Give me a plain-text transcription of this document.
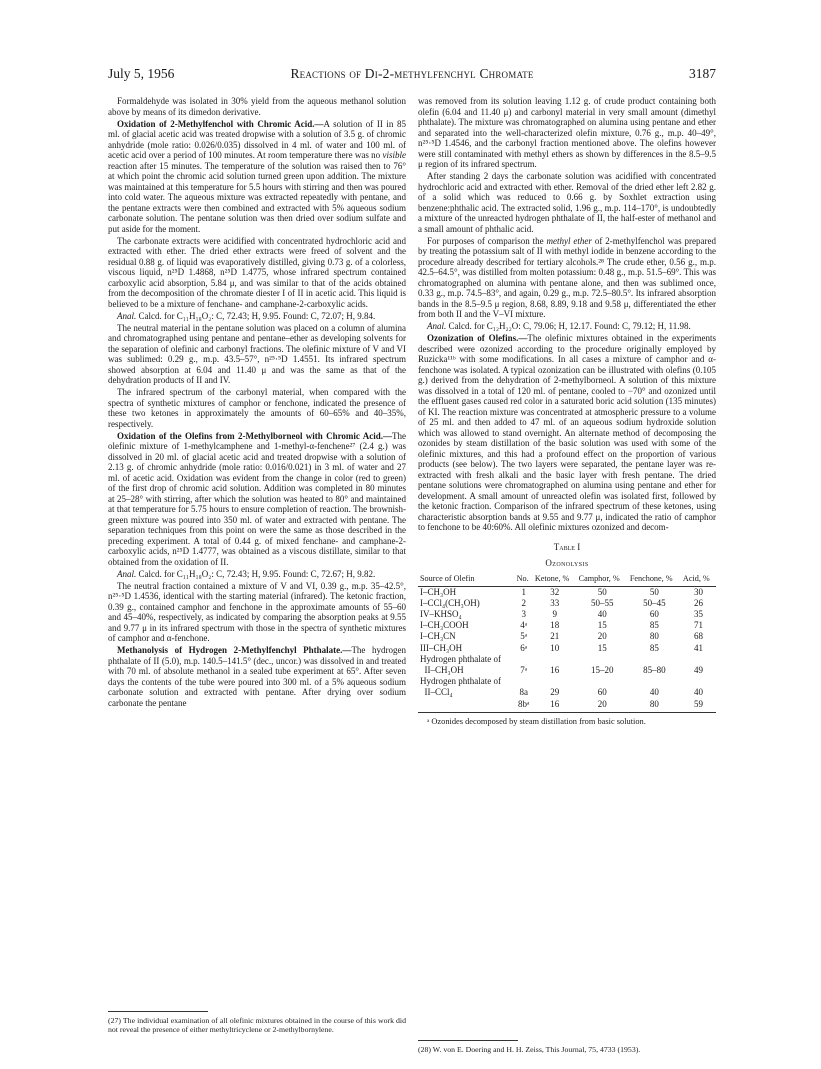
July 5, 1956	Reactions of Di-2-methylfenchyl Chromate	3187

Formaldehyde was isolated in 30% yield from the aqueous methanol solution above by means of its dimedon derivative.

Oxidation of 2-Methylfenchol with Chromic Acid.—A solution of II in 85 ml. of glacial acetic acid was treated dropwise with a solution of 3.5 g. of chromic anhydride (mole ratio: 0.026/0.035) dissolved in 4 ml. of water and 100 ml. of acetic acid over a period of 100 minutes. At room temperature there was no visible reaction after 15 minutes. The temperature of the solution was raised then to 76° at which point the chromic acid solution turned green upon addition. The mixture was maintained at this temperature for 5.5 hours with stirring and then was poured into cold water. The aqueous mixture was extracted repeatedly with pentane, and the pentane extracts were then combined and extracted with 5% aqueous sodium carbonate solution. The pentane solution was then dried over sodium sulfate and put aside for the moment.

The carbonate extracts were acidified with concentrated hydrochloric acid and extracted with ether. The dried ether extracts were freed of solvent and the residual 0.88 g. of liquid was evaporatively distilled, giving 0.73 g. of a colorless, viscous liquid, n²⁵D 1.4868, n²⁵D 1.4775, whose infrared spectrum contained carboxylic acid absorption, 5.84 μ, and was similar to that of the acids obtained from the decomposition of the chromate diester I of II in acetic acid. This liquid is believed to be a mixture of fenchane- and camphane-2-carboxylic acids.

Anal. Calcd. for C₁₁H₁₈O₂: C, 72.43; H, 9.95. Found: C, 72.07; H, 9.84.

The neutral material in the pentane solution was placed on a column of alumina and chromatographed using pentane and pentane–ether as developing solvents for the separation of olefinic and carbonyl fractions. The olefinic mixture of V and VI was sublimed: 0.29 g., m.p. 43.5–57°, n²⁵·⁵D 1.4551. Its infrared spectrum showed absorption at 6.04 and 11.40 μ and was the same as that of the dehydration products of II and IV.

The infrared spectrum of the carbonyl material, when compared with the spectra of synthetic mixtures of camphor or fenchone, indicated the presence of these two ketones in approximately the amounts of 60–65% and 40–35%, respectively.

Oxidation of the Olefins from 2-Methylborneol with Chromic Acid.—The olefinic mixture of 1-methylcamphene and 1-methyl-α-fenchene²⁷ (2.4 g.) was dissolved in 20 ml. of glacial acetic acid and treated dropwise with a solution of 2.13 g. of chromic anhydride (mole ratio: 0.016/0.021) in 3 ml. of water and 27 ml. of acetic acid. Oxidation was evident from the change in color (red to green) of the first drop of chromic acid solution. Addition was completed in 80 minutes at 25–28° with stirring, after which the solution was heated to 80° and maintained at that temperature for 5.75 hours to ensure completion of reaction. The brownish-green mixture was poured into 350 ml. of water and extracted with pentane. The separation techniques from this point on were the same as those described in the preceding experiment. A total of 0.44 g. of mixed fenchane- and camphane-2-carboxylic acids, n²⁵D 1.4777, was obtained as a viscous distillate, similar to that obtained from the oxidation of II.

Anal. Calcd. for C₁₁H₁₈O₂: C, 72.43; H, 9.95. Found: C, 72.67; H, 9.82.

The neutral fraction contained a mixture of V and VI, 0.39 g., m.p. 35–42.5°, n²⁵·⁵D 1.4536, identical with the starting material (infrared). The ketonic fraction, 0.39 g., contained camphor and fenchone in the approximate amounts of 55–60 and 45–40%, respectively, as indicated by comparing the absorption peaks at 9.55 and 9.77 μ in its infrared spectrum with those in the spectra of synthetic mixtures of camphor and α-fenchone.

Methanolysis of Hydrogen 2-Methylfenchyl Phthalate.—The hydrogen phthalate of II (5.0), m.p. 140.5–141.5° (dec., uncor.) was dissolved in and treated with 70 ml. of absolute methanol in a sealed tube experiment at 65°. After seven days the contents of the tube were poured into 300 ml. of a 5% aqueous sodium carbonate solution and extracted with pentane. After drying over sodium carbonate the pentane

(27) The individual examination of all olefinic mixtures obtained in the course of this work did not reveal the presence of either methyltricyclene or 2-methylbornylene.

was removed from its solution leaving 1.12 g. of crude product containing both olefin (6.04 and 11.40 μ) and carbonyl material in very small amount (dimethyl phthalate). The mixture was chromatographed on alumina using pentane and ether and separated into the well-characterized olefin mixture, 0.76 g., m.p. 40–49°, n²⁵·⁵D 1.4546, and the carbonyl fraction mentioned above. The olefins however were still contaminated with methyl ethers as shown by differences in the 8.5–9.5 μ region of its infrared spectrum.

After standing 2 days the carbonate solution was acidified with concentrated hydrochloric acid and extracted with ether. Removal of the dried ether left 2.82 g. of a solid which was reduced to 0.66 g. by Soxhlet extraction using benzene:phthalic acid. The extracted solid, 1.96 g., m.p. 114–170°, is undoubtedly a mixture of the unreacted hydrogen phthalate of II, the half-ester of methanol and a small amount of phthalic acid.

For purposes of comparison the methyl ether of 2-methylfenchol was prepared by treating the potassium salt of II with methyl iodide in benzene according to the procedure already described for tertiary alcohols.²⁸ The crude ether, 0.56 g., m.p. 42.5–64.5°, was distilled from molten potassium: 0.48 g., m.p. 51.5–69°. This was chromatographed on alumina with pentane alone, and then was sublimed once, 0.33 g., m.p. 74.5–83°, and again, 0.29 g., m.p. 72.5–80.5°. Its infrared absorption bands in the 8.5–9.5 μ region, 8.68, 8.89, 9.18 and 9.58 μ, differentiated the ether from both II and the V–VI mixture.

Anal. Calcd. for C₁₂H₂₂O: C, 79.06; H, 12.17. Found: C, 79.12; H, 11.98.

Ozonization of Olefins.—The olefinic mixtures obtained in the experiments described were ozonized according to the procedure originally employed by Ruzicka¹¹ᵇ with some modifications. In all cases a mixture of camphor and α-fenchone was isolated. A typical ozonization can be illustrated with olefins (0.105 g.) derived from the dehydration of 2-methylborneol. A solution of this mixture was dissolved in a total of 120 ml. of pentane, cooled to −70° and ozonized until the effluent gases caused red color in a saturated boric acid solution (135 minutes) of KI. The reaction mixture was concentrated at atmospheric pressure to a volume of 25 ml. and then added to 47 ml. of an aqueous sodium hydroxide solution which was allowed to stand overnight. An alternate method of decomposing the ozonides by steam distillation of the basic solution was used with some of the olefinic mixtures, and this had a profound effect on the proportion of various products (see below). The two layers were separated, the pentane layer was re-extracted with fresh alkali and the basic layer with fresh pentane. The dried pentane solutions were chromatographed on alumina using pentane and ether for development. A small amount of unreacted olefin was isolated first, followed by the ketonic fraction. Comparison of the infrared spectrum of these ketones, using characteristic absorption bands at 9.55 and 9.77 μ, indicated the ratio of camphor to fenchone to be 40:60%. All olefinic mixtures ozonized and decom-

Table I
Ozonolysis
Source of Olefin	No.	Ketone, %	Camphor, %	Fenchone, %	Acid, %
I–CH₃OH	1	32	50	50	30
I–CCl₄(CH₃OH)	2	33	50–55	50–45	26
IV–KHSO₄	3	9	40	60	35
I–CH₃COOH	4ᵃ	18	15	85	71
I–CH₃CN	5ᵃ	21	20	80	68
III–CH₃OH	6ᵃ	10	15	85	41
Hydrogen phthalate of					
II–CH₃OH	7ᵃ	16	15–20	85–80	49
Hydrogen phthalate of					
II–CCl₄	8a	29	60	40	40
	8bᵃ	16	20	80	59
ᵃ Ozonides decomposed by steam distillation from basic solution.
(28) W. von E. Doering and H. H. Zeiss, This Journal, 75, 4733 (1953).
